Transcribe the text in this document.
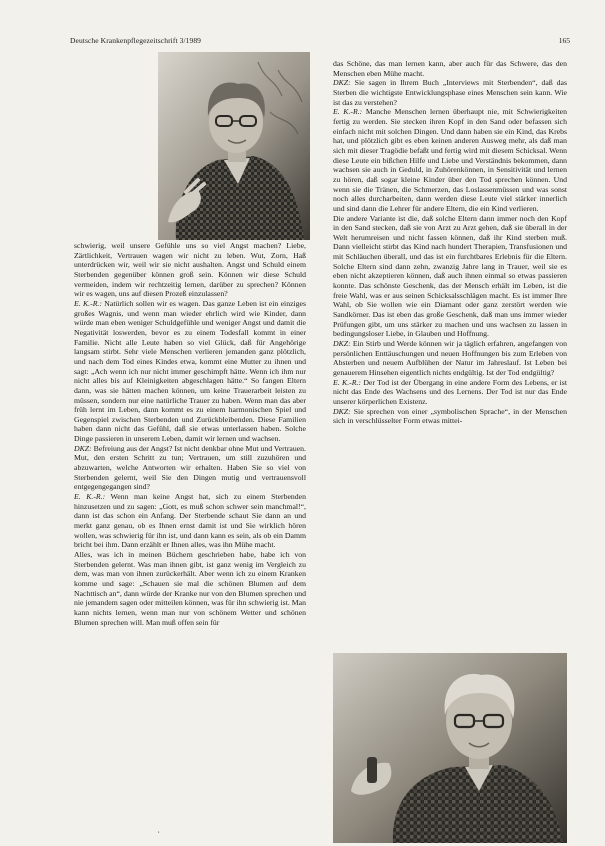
Deutsche Krankenpflegezeitschrift 3/1989	165

schwierig, weil unsere Gefühle uns so viel Angst machen? Liebe, Zärtlichkeit, Vertrauen wagen wir nicht zu leben. Wut, Zorn, Haß unterdrücken wir, weil wir sie nicht aushalten. Angst und Schuld einem Sterbenden gegenüber können groß sein. Können wir diese Schuld vermeiden, indem wir rechtzeitig lernen, darüber zu sprechen? Können wir es wagen, uns auf diesen Prozeß einzulassen?

E. K.-R.: Natürlich sollen wir es wagen. Das ganze Leben ist ein einziges großes Wagnis, und wenn man wieder ehrlich wird wie Kinder, dann würde man eben weniger Schuldgefühle und weniger Angst und damit die Negativität loswerden, bevor es zu einem Todesfall kommt in einer Familie. Nicht alle Leute haben so viel Glück, daß für Angehörige langsam stirbt. Sehr viele Menschen verlieren jemanden ganz plötzlich, und nach dem Tod eines Kindes etwa, kommt eine Mutter zu ihnen und sagt: „Ach wenn ich nur nicht immer geschimpft hätte. Wenn ich ihm nur nicht alles bis auf Kleinigkeiten abgeschlagen hätte.“ So fangen Eltern dann, was sie hätten machen können, um keine Trauerarbeit leisten zu müssen, sondern nur eine natürliche Trauer zu haben. Wenn man das aber früh lernt im Leben, dann kommt es zu einem harmonischen Spiel und Gegenspiel zwischen Sterbenden und Zurückbleibenden. Diese Familien haben dann nicht das Gefühl, daß sie etwas unterlassen haben. Solche Dinge passieren in unserem Leben, damit wir lernen und wachsen.

DKZ: Befreiung aus der Angst? Ist nicht denkbar ohne Mut und Vertrauen. Mut, den ersten Schritt zu tun; Vertrauen, um still zuzuhören und abzuwarten, welche Antworten wir erhalten. Haben Sie so viel von Sterbenden gelernt, weil Sie den Dingen mutig und vertrauensvoll entgegengegangen sind?

E. K.-R.: Wenn man keine Angst hat, sich zu einem Sterbenden hinzusetzen und zu sagen: „Gott, es muß schon schwer sein manchmal!“, dann ist das schon ein Anfang. Der Sterbende schaut Sie dann an und merkt ganz genau, ob es Ihnen ernst damit ist und Sie wirklich hören wollen, was schwierig für ihn ist, und dann kann es sein, als ob ein Damm bricht bei ihm. Dann erzählt er Ihnen alles, was ihn Mühe macht.

Alles, was ich in meinen Büchern geschrieben habe, habe ich von Sterbenden gelernt. Was man ihnen gibt, ist ganz wenig im Vergleich zu dem, was man von ihnen zurückerhält. Aber wenn ich zu einem Kranken komme und sage: „Schauen sie mal die schönen Blumen auf dem Nachttisch an“, dann würde der Kranke nur von den Blumen sprechen und nie jemandem sagen oder mitteilen können, was für ihn schwierig ist. Man kann nichts lernen, wenn man nur von schönem Wetter und schönen Blumen sprechen will. Man muß offen sein für

das Schöne, das man lernen kann, aber auch für das Schwere, das den Menschen eben Mühe macht.

DKZ: Sie sagen in Ihrem Buch „Interviews mit Sterbenden“, daß das Sterben die wichtigste Entwicklungsphase eines Menschen sein kann. Wie ist das zu verstehen?

E. K.-R.: Manche Menschen lernen überhaupt nie, mit Schwierigkeiten fertig zu werden. Sie stecken ihren Kopf in den Sand oder befassen sich einfach nicht mit solchen Dingen. Und dann haben sie ein Kind, das Krebs hat, und plötzlich gibt es eben keinen anderen Ausweg mehr, als daß man sich mit dieser Tragödie befaßt und fertig wird mit diesem Schicksal. Wenn diese Leute ein bißchen Hilfe und Liebe und Verständnis bekommen, dann wachsen sie auch in Geduld, in Zuhörenkönnen, in Sensitivität und lernen zu hören, daß sogar kleine Kinder über den Tod sprechen können. Und wenn sie die Tränen, die Schmerzen, das Loslassenmüssen und was sonst noch alles durcharbeiten, dann werden diese Leute viel stärker innerlich und sind dann die Lehrer für andere Eltern, die ein Kind verlieren.

Die andere Variante ist die, daß solche Eltern dann immer noch den Kopf in den Sand stecken, daß sie von Arzt zu Arzt gehen, daß sie überall in der Welt herumreisen und nicht fassen können, daß ihr Kind sterben muß. Dann vielleicht stirbt das Kind nach hundert Therapien, Transfusionen und mit Schläuchen überall, und das ist ein furchtbares Erlebnis für die Eltern. Solche Eltern sind dann zehn, zwanzig Jahre lang in Trauer, weil sie es eben nicht akzeptieren können, daß auch ihnen einmal so etwas passieren konnte. Das schönste Geschenk, das der Mensch erhält im Leben, ist die freie Wahl, was er aus seinen Schicksalsschlägen macht. Es ist immer Ihre Wahl, ob Sie wollen wie ein Diamant oder ganz zerstört werden wie Sandkörner. Das ist eben das große Geschenk, daß man uns immer wieder Prüfungen gibt, um uns stärker zu machen und uns wachsen zu lassen in bedingungsloser Liebe, in Glauben und Hoffnung.

DKZ: Ein Stirb und Werde können wir ja täglich erfahren, angefangen von persönlichen Enttäuschungen und neuen Hoffnungen bis zum Erleben von Absterben und neuem Aufblühen der Natur im Jahreslauf. Ist Leben bei genauerem Hinsehen eigentlich nichts endgültig. Ist der Tod endgültig?

E. K.-R.: Der Tod ist der Übergang in eine andere Form des Lebens, er ist nicht das Ende des Wachsens und des Lernens. Der Tod ist nur das Ende unserer körperlichen Existenz.

DKZ: Sie sprechen von einer „symbolischen Sprache“, in der Menschen sich in verschlüsselter Form etwas mittei-

,
